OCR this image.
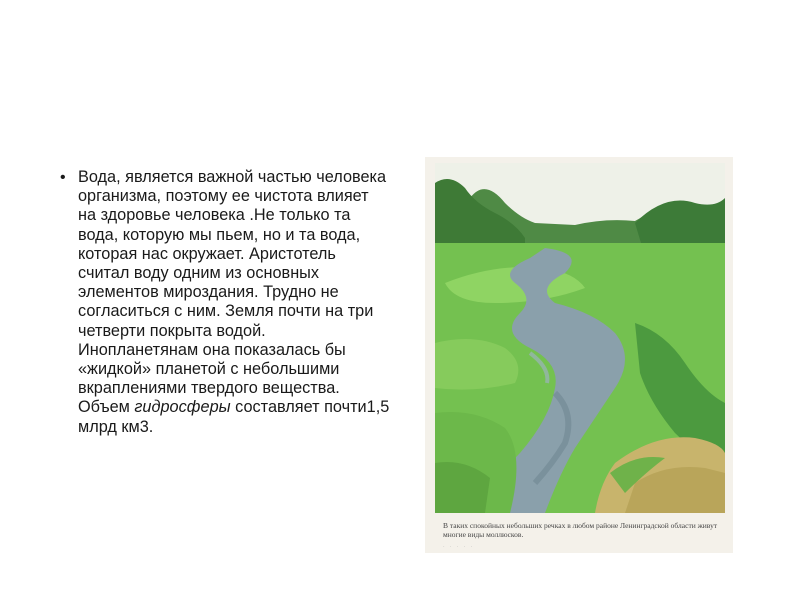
• Вода, является важной частью человека организма, поэтому ее чистота влияет на здоровье человека .Не только та вода, которую мы пьем, но и та вода, которая нас окружает. Аристотель считал воду одним из основных элементов мироздания. Трудно не согласиться с ним. Земля почти на три четверти покрыта водой. Инопланетянам она показалась бы «жидкой» планетой с небольшими вкраплениями твердого вещества. Объем гидросферы составляет почти1,5 млрд км3.

В таких спокойных небольших речках в любом районе Ленинградской области живут многие виды моллюсков.
· · · · ·
